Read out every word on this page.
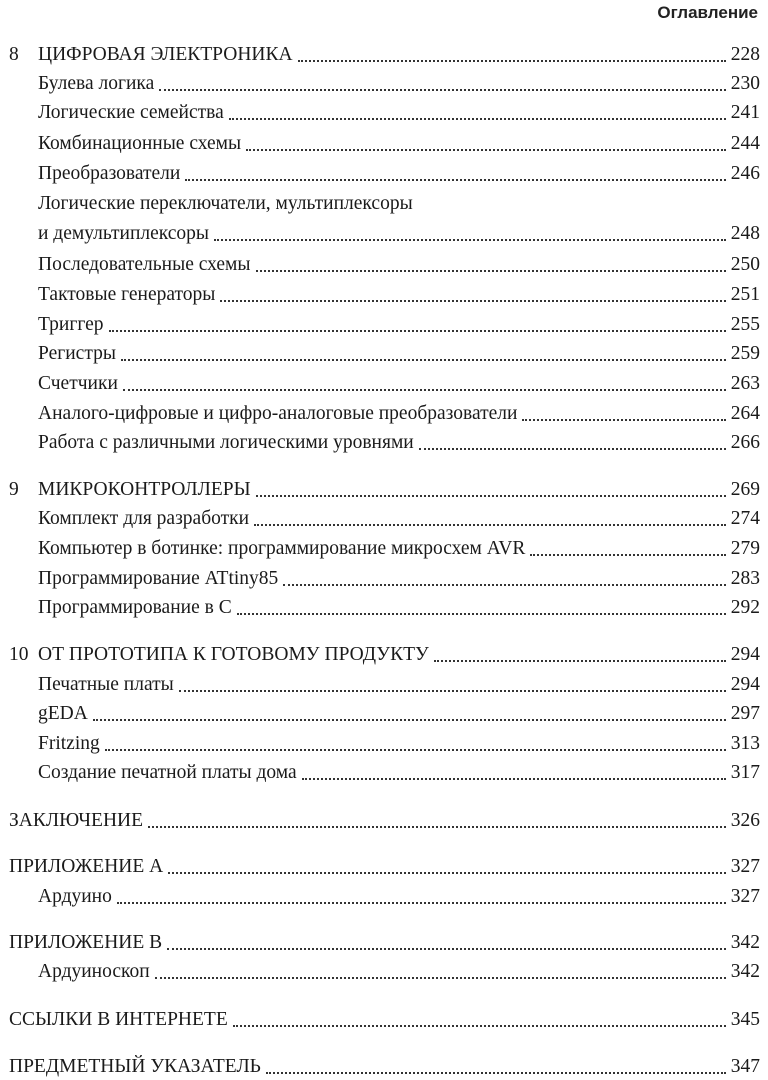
Оглавление
8 ЦИФРОВАЯ ЭЛЕКТРОНИКА	228
Булева логика	230
Логические семейства	241
Комбинационные схемы	244
Преобразователи	246
Логические переключатели, мультиплексоры
и демультиплексоры	248
Последовательные схемы	250
Тактовые генераторы	251
Триггер	255
Регистры	259
Счетчики	263
Аналого-цифровые и цифро-аналоговые преобразователи	264
Работа с различными логическими уровнями	266
9 МИКРОКОНТРОЛЛЕРЫ	269
Комплект для разработки	274
Компьютер в ботинке: программирование микросхем AVR	279
Программирование ATtiny85	283
Программирование в C	292
10 ОТ ПРОТОТИПА К ГОТОВОМУ ПРОДУКТУ	294
Печатные платы	294
gEDA	297
Fritzing	313
Создание печатной платы дома	317
ЗАКЛЮЧЕНИЕ	326
ПРИЛОЖЕНИЕ А	327
Ардуино	327
ПРИЛОЖЕНИЕ B	342
Ардуиноскоп	342
ССЫЛКИ В ИНТЕРНЕТЕ	345
ПРЕДМЕТНЫЙ УКАЗАТЕЛЬ	347
